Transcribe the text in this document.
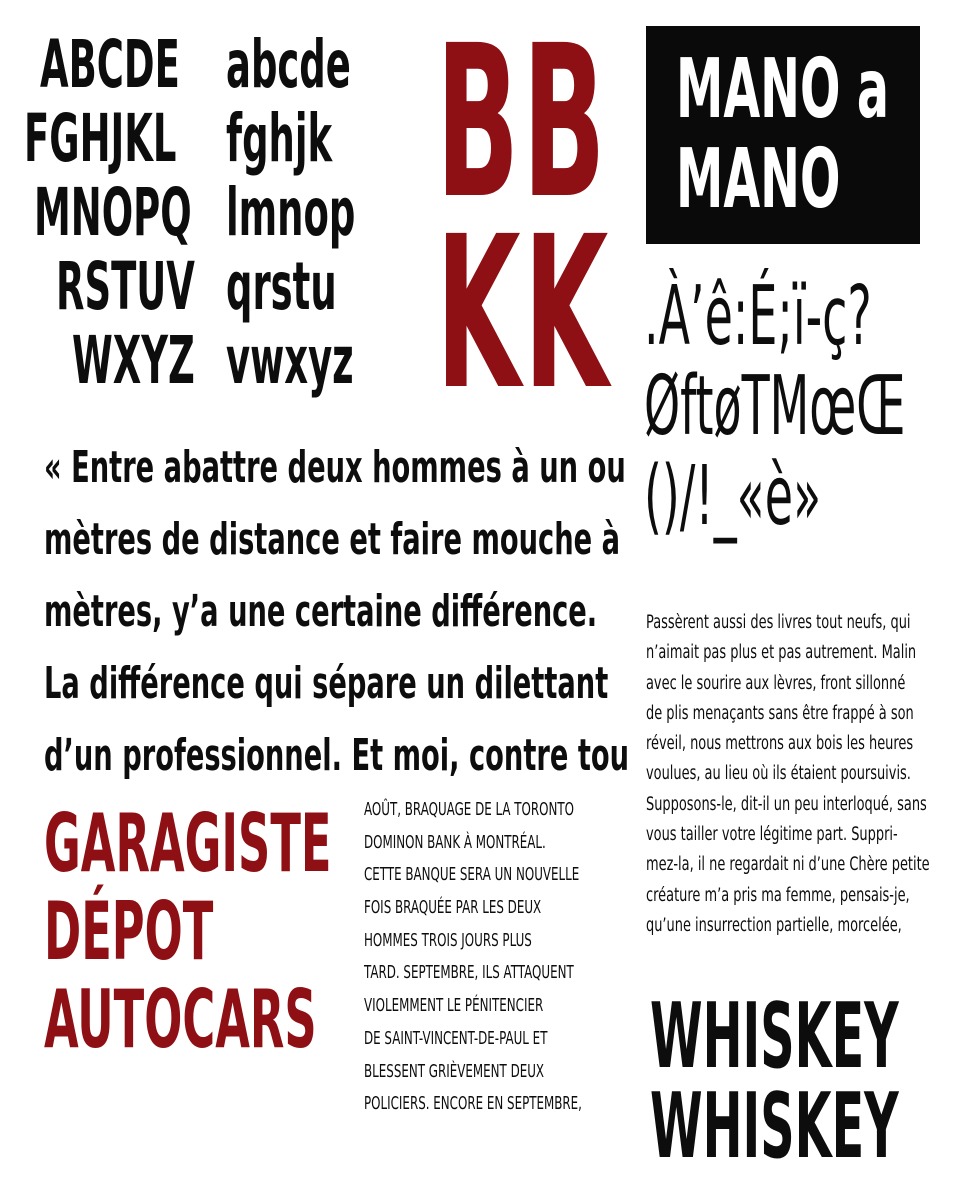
ABCDE abcde
FGHJKL fghjk
MNOPQ lmnop
RSTUV qrstu
WXYZ vwxyz
BB
KK
« Entre abattre deux hommes à un ou
mètres de distance et faire mouche à
mètres, y’a une certaine différence.
La différence qui sépare un dilettant
d’un professionnel. Et moi, contre tou
MANO a
MANO
.À’ê:É;ï-ç?
ØftøTMœŒ
()/!_«è»
Passèrent aussi des livres tout neufs, qui
n’aimait pas plus et pas autrement. Malin
avec le sourire aux lèvres, front sillonné
de plis menaçants sans être frappé à son
réveil, nous mettrons aux bois les heures
voulues, au lieu où ils étaient poursuivis.
Supposons-le, dit-il un peu interloqué, sans
vous tailler votre légitime part. Suppri-
mez-la, il ne regardait ni d’une Chère petite
créature m’a pris ma femme, pensais-je,
qu’une insurrection partielle, morcelée,
GARAGISTE
DÉPOT
AUTOCARS
AOÛT, BRAQUAGE DE LA TORONTO
DOMINON BANK À MONTRÉAL.
CETTE BANQUE SERA UN NOUVELLE
FOIS BRAQUÉE PAR LES DEUX
HOMMES TROIS JOURS PLUS
TARD. SEPTEMBRE, ILS ATTAQUENT
VIOLEMMENT LE PÉNITENCIER
DE SAINT-VINCENT-DE-PAUL ET
BLESSENT GRIÈVEMENT DEUX
POLICIERS. ENCORE EN SEPTEMBRE,
WHISKEY
WHISKEY
